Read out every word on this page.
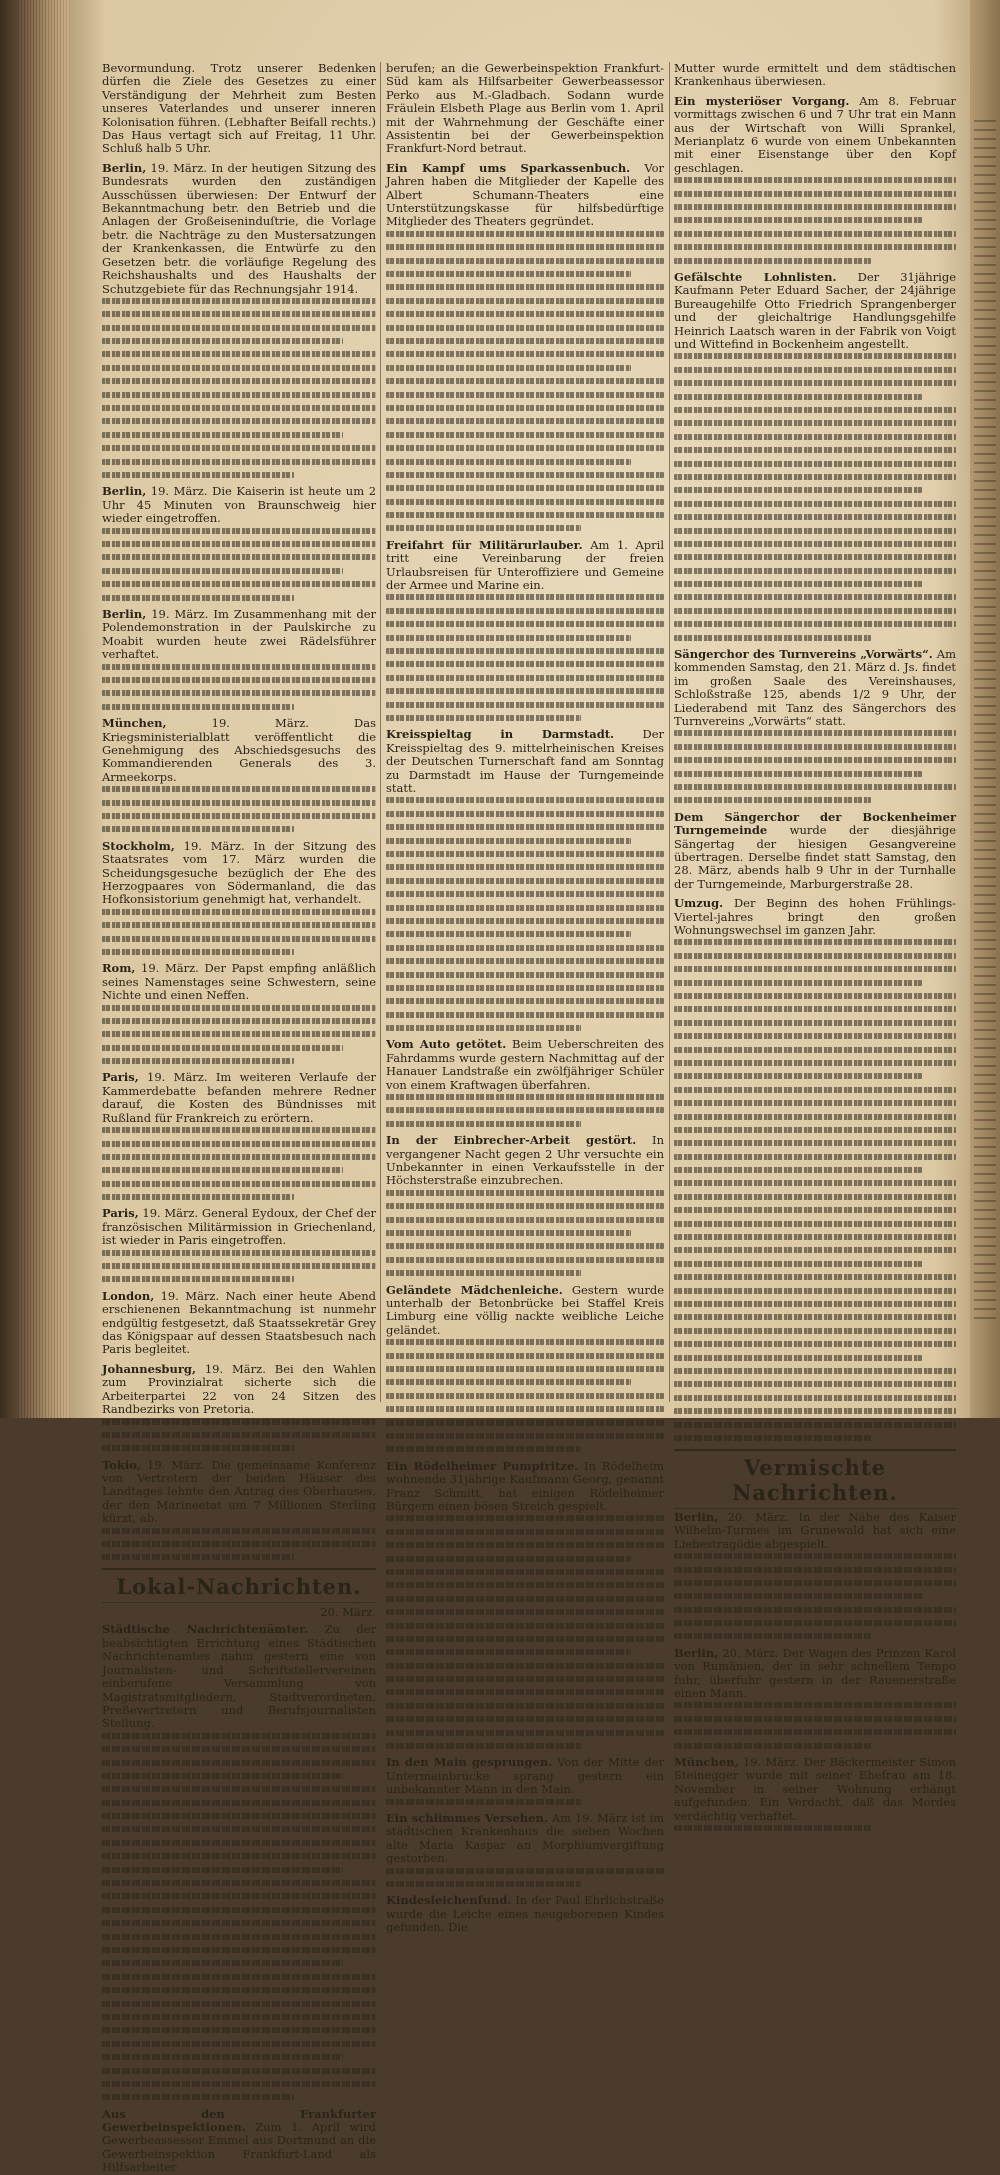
Bevormundung. Trotz unserer Bedenken dürfen die Ziele des Gesetzes zu einer Verständigung der Mehrheit zum Besten unseres Vaterlandes und unserer inneren Kolonisation führen. (Lebhafter Beifall rechts.) Das Haus vertagt sich auf Freitag, 11 Uhr. Schluß halb 5 Uhr.

Berlin, 19. März. In der heutigen Sitzung des Bundesrats wurden den zuständigen Ausschüssen überwiesen: Der Entwurf der Bekanntmachung betr. den Betrieb und die Anlagen der Großeiseninduſtrie, die Vorlage betr. die Nachträge zu den Mustersatzungen der Krankenkassen, die Entwürfe zu den Gesetzen betr. die vorläufige Regelung des Reichshaushalts und des Haushalts der Schutzgebiete für das Rechnungsjahr 1914.

Berlin, 19. März. Die Kaiserin ist heute um 2 Uhr 45 Minuten von Braunschweig hier wieder eingetroffen.

Berlin, 19. März. Im Zusammenhang mit der Polendemonstration in der Paulskirche zu Moabit wurden heute zwei Rädelsführer verhaftet.

München,	19. März. Das Kriegsministerialblatt veröffentlicht die Genehmigung des Abschiedsgesuchs des Kommandierenden Generals des 3. Armeekorps.

Stockholm, 19. März. In der Sitzung des Staatsrates vom 17. März wurden die Scheidungsgesuche bezüglich der Ehe des Herzogpaares von Södermanland, die das Hofkonsistorium genehmigt hat, verhandelt.

Rom, 19. März. Der Papst empfing anläßlich seines Namenstages seine Schwestern, seine Nichte und einen Neffen.

Paris, 19. März. Im weiteren Verlaufe der Kammerdebatte befanden mehrere Redner darauf, die Kosten des Bündnisses mit Rußland für Frankreich zu erörtern.

Paris, 19. März. General Eydoux, der Chef der französischen Militärmission in Griechenland, ist wieder in Paris eingetroffen.

London, 19. März. Nach einer heute Abend erschienenen Bekanntmachung ist nunmehr endgültig festgesetzt, daß Staatssekretär Grey das Königspaar auf dessen Staatsbesuch nach Paris begleitet.

Johannesburg, 19. März. Bei den Wahlen zum Provinzialrat sicherte sich die Arbeiterpartei 22 von 24 Sitzen des Randbezirks von Pretoria.

Tokio, 19. März. Die gemeinsame Konferenz von Vertretern der beiden Häuser des Landtages lehnte den Antrag des Oberhauses, der den Marineetat um 7 Millionen Sterling kürzt, ab.

Lokal-Nachrichten.
20. März.

Städtische Nachrichtenämter. Zu der beabsichtigten Errichtung eines Städtischen Nachrichtenamtes nahm gestern eine von Journalisten- und Schriftstellervereinen einberufene Versammlung von Magistratsmitgliedern, Stadtverordneten, Preßevertretern und Berufsjournalisten Stellung.

Aus den Frankfurter Gewerbeinspektionen. Zum 1. April wird Gewerbeassessor Emmel aus Dortmund an die Gewerbeinspektion Frankfurt-Land als Hilfsarbeiter

berufen; an die Gewerbeinspektion Frankfurt-Süd kam als Hilfsarbeiter Gewerbeassessor Perko aus M.-Gladbach. Sodann wurde Fräulein Elsbeth Plage aus Berlin vom 1. April mit der Wahrnehmung der Geschäfte einer Assistentin bei der Gewerbeinspektion Frankfurt-Nord betraut.

Ein Kampf ums Sparkassenbuch. Vor Jahren haben die Mitglieder der Kapelle des Albert Schumann-Theaters eine Unterstützungskasse für hilfsbedürftige Mitglieder des Theaters gegründet.

Freifahrt für Militärurlauber. Am 1. April tritt eine Vereinbarung der freien Urlaubsreisen für Unteroffiziere und Gemeine der Armee und Marine ein.

Kreisspieltag in Darmstadt. Der Kreisspieltag des 9. mittelrheinischen Kreises der Deutschen Turnerschaft fand am Sonntag zu Darmstadt im Hause der Turngemeinde statt.

Vom Auto getötet. Beim Ueberschreiten des Fahrdamms wurde gestern Nachmittag auf der Hanauer Landstraße ein zwölfjähriger Schüler von einem Kraftwagen überfahren.

In der Einbrecher-Arbeit gestört. In vergangener Nacht gegen 2 Uhr versuchte ein Unbekannter in einen Verkaufsstelle in der Höchsterstraße einzubrechen.

Geländete Mädchenleiche. Gestern wurde unterhalb der Betonbrücke bei Staffel Kreis Limburg eine völlig nackte weibliche Leiche geländet.

Ein Rödelheimer Pumpfritze. In Rödelheim wohnende 31jährige Kaufmann Georg, genannt Franz Schmitt, hat einigen Rödelheimer Bürgern einen bösen Streich gespielt.

In den Main gesprungen. Von der Mitte der Untermainbrücke sprang gestern ein unbekannter Mann in den Main.

Ein schlimmes Versehen. Am 19. März ist im städtischen Krankenhaus die sieben Wochen alte Maria Kaspar an Morphiumvergiftung gestorben.

Kindesleichenfund. In der Paul Ehrlichstraße wurde die Leiche eines neugeborenen Kindes gefunden. Die

Mutter wurde ermittelt und dem städtischen Krankenhaus überwiesen.

Ein mysteriöser Vorgang. Am 8. Februar vormittags zwischen 6 und 7 Uhr trat ein Mann aus der Wirtschaft von Willi Sprankel, Merianplatz 6 wurde von einem Unbekannten mit einer Eisenstange über den Kopf geschlagen.

Gefälschte Lohnlisten. Der 31jährige Kaufmann Peter Eduard Sacher, der 24jährige Bureaugehilfe Otto Friedrich Sprangenberger und der gleichaltrige Handlungsgehilfe Heinrich Laatsch waren in der Fabrik von Voigt und Wittefind in Bockenheim angestellt.

Sängerchor des Turnvereins „Vorwärts“. Am kommenden Samstag, den 21. März d. Js. findet im großen Saale des Vereinshauses, Schloßstraße 125, abends 1/2 9 Uhr, der Liederabend mit Tanz des Sängerchors des Turnvereins „Vorwärts“ statt.

Dem Sängerchor der Bockenheimer Turngemeinde wurde der diesjährige Sängertag der hiesigen Gesangvereine übertragen. Derselbe findet statt Samstag, den 28. März, abends halb 9 Uhr in der Turnhalle der Turngemeinde, Marburgerstraße 28.

Umzug. Der Beginn des hohen Frühlings-Viertel-jahres bringt den großen Wohnungswechsel im ganzen Jahr.

Vermischte Nachrichten.

Berlin, 20. März. In der Nähe des Kaiser Wilhelm-Turmes im Grunewald hat sich eine Liebestragödie abgespielt.

Berlin, 20. März. Der Wagen des Prinzen Karol von Rumänien, der in sehr schnellem Tempo fuhr, überfuhr gestern in der Rauenerstraße einen Mann.

München, 19. März. Der Bäckermeister Simon Steinegger wurde mit seiner Ehefrau am 18. November in seiner Wohnung erhängt aufgefunden. Ein Verdacht, daß das Mordes verdächtig verhaftet.
